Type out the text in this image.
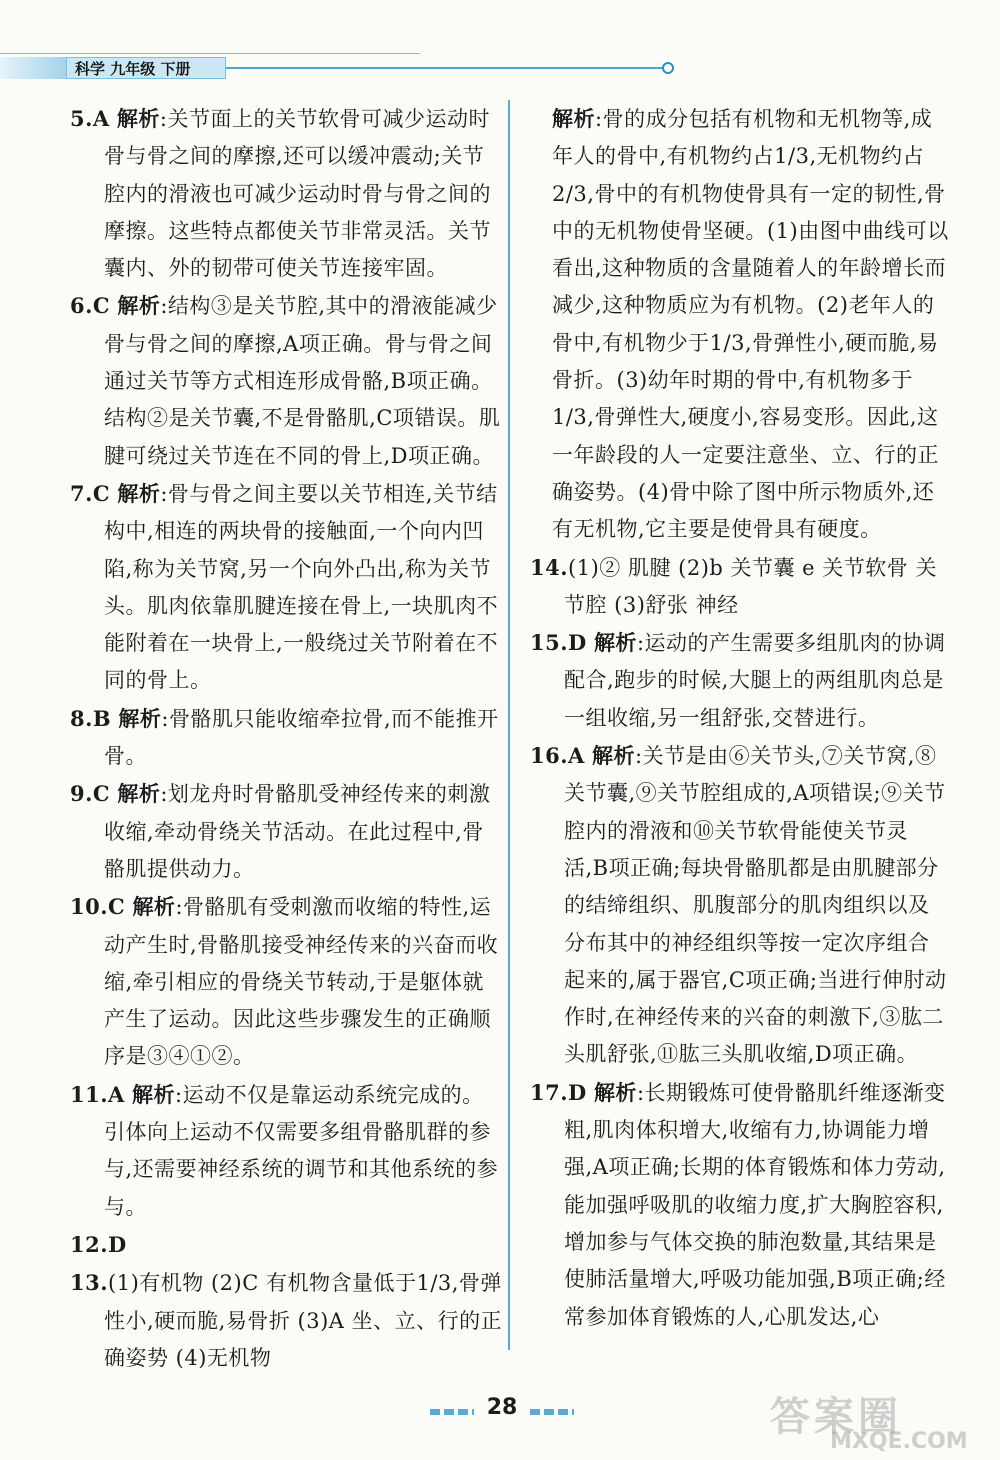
科学 九年级 下册

5.A 解析:关节面上的关节软骨可减少运动时骨与骨之间的摩擦,还可以缓冲震动;关节腔内的滑液也可减少运动时骨与骨之间的摩擦。这些特点都使关节非常灵活。关节囊内、外的韧带可使关节连接牢固。

6.C 解析:结构③是关节腔,其中的滑液能减少骨与骨之间的摩擦,A项正确。骨与骨之间通过关节等方式相连形成骨骼,B项正确。结构②是关节囊,不是骨骼肌,C项错误。肌腱可绕过关节连在不同的骨上,D项正确。

7.C 解析:骨与骨之间主要以关节相连,关节结构中,相连的两块骨的接触面,一个向内凹陷,称为关节窝,另一个向外凸出,称为关节头。肌肉依靠肌腱连接在骨上,一块肌肉不能附着在一块骨上,一般绕过关节附着在不同的骨上。

8.B 解析:骨骼肌只能收缩牵拉骨,而不能推开骨。

9.C 解析:划龙舟时骨骼肌受神经传来的刺激收缩,牵动骨绕关节活动。在此过程中,骨骼肌提供动力。

10.C 解析:骨骼肌有受刺激而收缩的特性,运动产生时,骨骼肌接受神经传来的兴奋而收缩,牵引相应的骨绕关节转动,于是躯体就产生了运动。因此这些步骤发生的正确顺序是③④①②。

11.A 解析:运动不仅是靠运动系统完成的。引体向上运动不仅需要多组骨骼肌群的参与,还需要神经系统的调节和其他系统的参与。

12.D

13.(1)有机物 (2)C 有机物含量低于1/3,骨弹性小,硬而脆,易骨折 (3)A 坐、立、行的正确姿势 (4)无机物

解析:骨的成分包括有机物和无机物等,成年人的骨中,有机物约占1/3,无机物约占2/3,骨中的有机物使骨具有一定的韧性,骨中的无机物使骨坚硬。(1)由图中曲线可以看出,这种物质的含量随着人的年龄增长而减少,这种物质应为有机物。(2)老年人的骨中,有机物少于1/3,骨弹性小,硬而脆,易骨折。(3)幼年时期的骨中,有机物多于1/3,骨弹性大,硬度小,容易变形。因此,这一年龄段的人一定要注意坐、立、行的正确姿势。(4)骨中除了图中所示物质外,还有无机物,它主要是使骨具有硬度。

14.(1)② 肌腱 (2)b 关节囊 e 关节软骨 关节腔 (3)舒张 神经

15.D 解析:运动的产生需要多组肌肉的协调配合,跑步的时候,大腿上的两组肌肉总是一组收缩,另一组舒张,交替进行。

16.A 解析:关节是由⑥关节头,⑦关节窝,⑧关节囊,⑨关节腔组成的,A项错误;⑨关节腔内的滑液和⑩关节软骨能使关节灵活,B项正确;每块骨骼肌都是由肌腱部分的结缔组织、肌腹部分的肌肉组织以及分布其中的神经组织等按一定次序组合起来的,属于器官,C项正确;当进行伸肘动作时,在神经传来的兴奋的刺激下,③肱二头肌舒张,⑪肱三头肌收缩,D项正确。

17.D 解析:长期锻炼可使骨骼肌纤维逐渐变粗,肌肉体积增大,收缩有力,协调能力增强,A项正确;长期的体育锻炼和体力劳动,能加强呼吸肌的收缩力度,扩大胸腔容积,增加参与气体交换的肺泡数量,其结果是使肺活量增大,呼吸功能加强,B项正确;经常参加体育锻炼的人,心肌发达,心

28	答案圈
MXQE.COM
